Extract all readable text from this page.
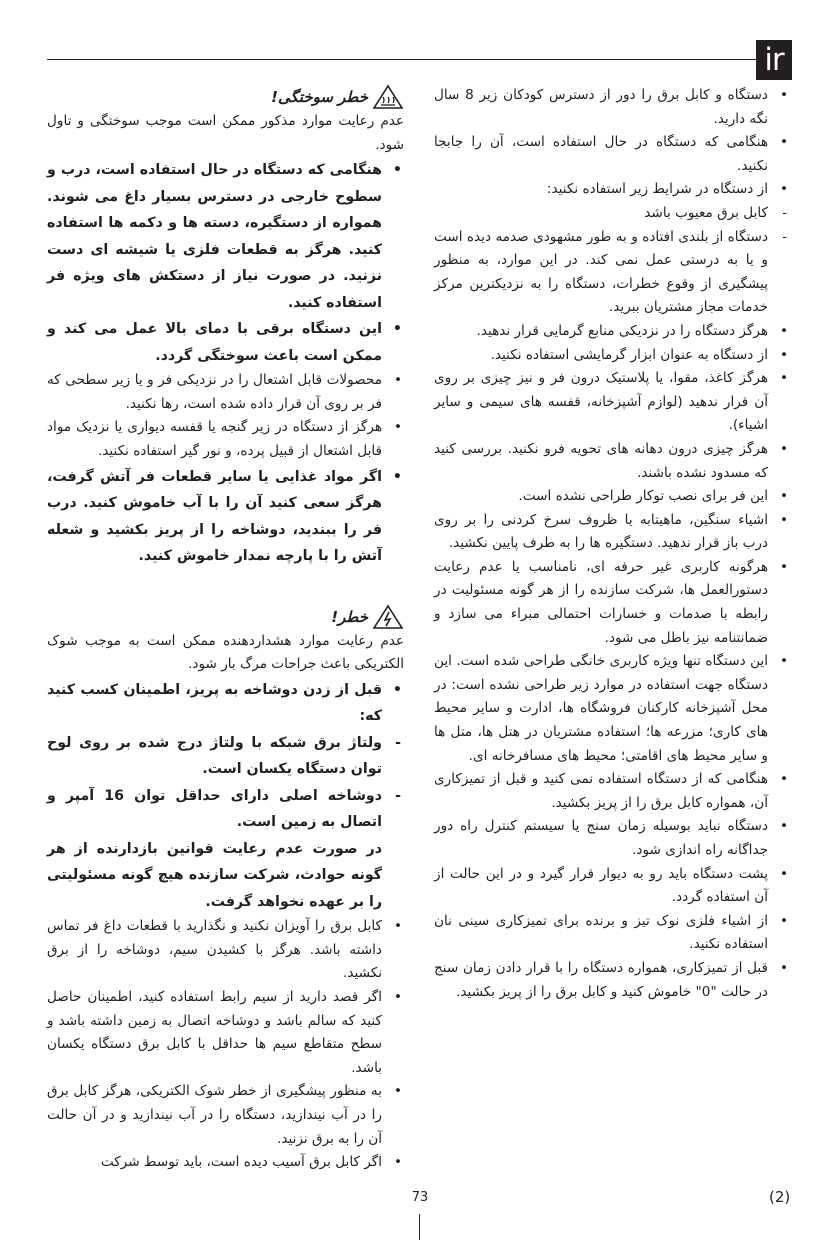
ir
• دستگاه و کابل برق را دور از دسترس کودکان زیر 8 سال نگه دارید.
• هنگامی که دستگاه در حال استفاده است، آن را جابجا نکنید.
• از دستگاه در شرایط زیر استفاده نکنید:
- کابل برق معیوب باشد
- دستگاه از بلندی افتاده و به طور مشهودی صدمه دیده است و یا به درستی عمل نمی کند. در این موارد، به منظور پیشگیری از وقوع خطرات، دستگاه را به نزدیکترین مرکز خدمات مجاز مشتریان ببرید.
• هرگز دستگاه را در نزدیکی منابع گرمایی قرار ندهید.
• از دستگاه به عنوان ابزار گرمایشی استفاده نکنید.
• هرگز کاغذ، مقوا، یا پلاستیک درون فر و نیز چیزی بر روی آن قرار ندهید (لوازم آشپزخانه، قفسه های سیمی و سایر اشیاء).
• هرگز چیزی درون دهانه های تحویه فرو نکنید. بررسی کنید که مسدود نشده باشند.
• این فر برای نصب توکار طراحی نشده است.
• اشیاء سنگین، ماهیتابه یا ظروف سرخ کردنی را بر روی درب باز قرار ندهید. دستگیره ها را به طرف پایین نکشید.
• هرگونه کاربری غیر حرفه ای، نامناسب یا عدم رعایت دستورالعمل ها، شرکت سازنده را از هر گونه مسئولیت در رابطه با صدمات و خسارات احتمالی مبراء می سازد و ضمانتنامه نیز باطل می شود.
• این دستگاه تنها ویژه کاربری خانگی طراحی شده است. این دستگاه جهت استفاده در موارد زیر طراحی نشده است: در محل آشپزخانه کارکنان فروشگاه ها، ادارت و سایر محیط های کاری؛ مزرعه ها؛ استفاده مشتریان در هتل ها، متل ها و سایر محیط های اقامتی؛ محیط های مسافرخانه ای.
• هنگامی که از دستگاه استفاده نمی کنید و قبل از تمیزکاری آن، همواره کابل برق را از پریز بکشید.
• دستگاه نباید بوسیله زمان سنج یا سیستم کنترل راه دور جداگانه راه اندازی شود.
• پشت دستگاه باید رو به دیوار قرار گیرد و در این حالت از آن استفاده گردد.
• از اشیاء فلزی نوک تیز و برنده برای تمیزکاری سینی نان استفاده نکنید.
• قبل از تمیزکاری، همواره دستگاه را با قرار دادن زمان سنج در حالت "0" خاموش کنید و کابل برق را از پریز بکشید.
خطر سوختگی!

عدم رعایت موارد مذکور ممکن است موجب سوختگی و تاول شود.

• هنگامی که دستگاه در حال استفاده است، درب و سطوح خارجی در دسترس بسیار داغ می شوند. همواره از دستگیره، دسته ها و دکمه ها استفاده کنید. هرگز به قطعات فلزی یا شیشه ای دست نزنید. در صورت نیاز از دستکش های ویژه فر استفاده کنید.
• این دستگاه برقی با دمای بالا عمل می کند و ممکن است باعث سوختگی گردد.
• محصولات قابل اشتعال را در نزدیکی فر و یا زیر سطحی که فر بر روی آن قرار داده شده است، رها نکنید.
• هرگز از دستگاه در زیر گنجه یا قفسه دیواری یا نزدیک مواد قابل اشتعال از قبیل پرده، و نور گیر استفاده نکنید.
• اگر مواد غذایی یا سایر قطعات فر آتش گرفت، هرگز سعی کنید آن را با آب خاموش کنید. درب فر را ببندید، دوشاخه را از پریز بکشید و شعله آتش را با پارچه نمدار خاموش کنید.
خطر!

عدم رعایت موارد هشداردهنده ممکن است به موجب شوک الکتریکی باعث جراحات مرگ بار شود.

• قبل از زدن دوشاخه به پریز، اطمینان کسب کنید که:
- ولتاژ برق شبکه با ولتاژ درج شده بر روی لوح توان دستگاه یکسان است.
- دوشاخه اصلی دارای حداقل توان 16 آمپر و اتصال به زمین است.
در صورت عدم رعایت قوانین بازدارنده از هر گونه حوادث، شرکت سازنده هیچ گونه مسئولیتی را بر عهده نخواهد گرفت.
• کابل برق را آویزان نکنید و نگذارید با قطعات داغ فر تماس داشته باشد. هرگز با کشیدن سیم، دوشاخه را از برق نکشید.
• اگر قصد دارید از سیم رابط استفاده کنید، اطمینان حاصل کنید که سالم باشد و دوشاخه اتصال به زمین داشته باشد و سطح متقاطع سیم ها حداقل با کابل برق دستگاه یکسان باشد.
• به منظور پیشگیری از خطر شوک الکتریکی، هرگز کابل برق را در آب نیندازید، دستگاه را در آب نیندازید و در آن حالت آن را به برق نزنید.
• اگر کابل برق آسیب دیده است، باید توسط شرکت
73	(2)
